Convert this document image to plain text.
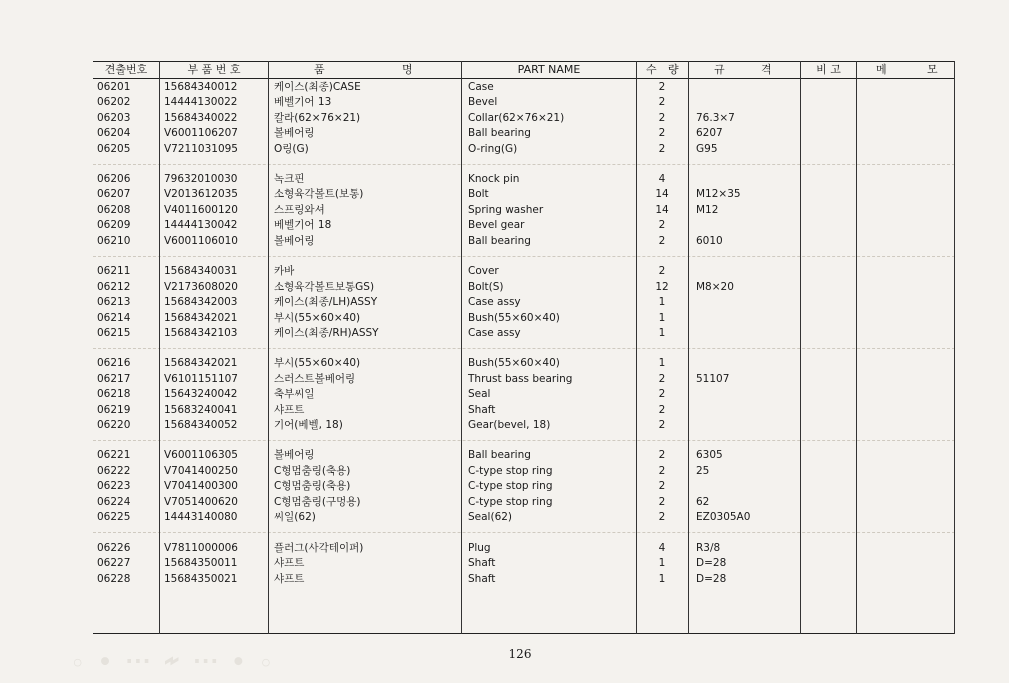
견출번호	부 품 번 호	품	명	PART NAME	수 량	규	격	비 고	메	모
06201	15684340012	케이스(최종)CASE	Case	2
06202	14444130022	베벨기어 13	Bevel	2
06203	15684340022	칼라(62×76×21)	Collar(62×76×21)	2	76.3×7
06204	V6001106207	볼베어링	Ball bearing	2	6207
06205	V7211031095	O링(G)	O-ring(G)	2	G95
06206	79632010030	녹크핀	Knock pin	4
06207	V2013612035	소형육각볼트(보통)	Bolt	14	M12×35
06208	V4011600120	스프링와셔	Spring washer	14	M12
06209	14444130042	베벨기어 18	Bevel gear	2
06210	V6001106010	볼베어링	Ball bearing	2	6010
06211	15684340031	카바	Cover	2
06212	V2173608020	소형육각볼트보통GS)	Bolt(S)	12	M8×20
06213	15684342003	케이스(최종/LH)ASSY	Case assy	1
06214	15684342021	부시(55×60×40)	Bush(55×60×40)	1
06215	15684342103	케이스(최종/RH)ASSY	Case assy	1
06216	15684342021	부시(55×60×40)	Bush(55×60×40)	1
06217	V6101151107	스러스트볼베어링	Thrust bass bearing	2	51107
06218	15643240042	축부씨일	Seal	2
06219	15683240041	샤프트	Shaft	2
06220	15684340052	기어(베벨, 18)	Gear(bevel, 18)	2
06221	V6001106305	볼베어링	Ball bearing	2	6305
06222	V7041400250	C형멈춤링(축용)	C-type stop ring	2	25
06223	V7041400300	C형멈춤링(축용)	C-type stop ring	2
06224	V7051400620	C형멈춤링(구멍용)	C-type stop ring	2	62
06225	14443140080	씨일(62)	Seal(62)	2	EZ0305A0
06226	V7811000006	플러그(사각테이퍼)	Plug	4	R3/8
06227	15684350011	샤프트	Shaft	1	D=28
06228	15684350021	샤프트	Shaft	1	D=28
◦ ∙ ⋯ ⌁ ⋯ ∙ ◦	126
